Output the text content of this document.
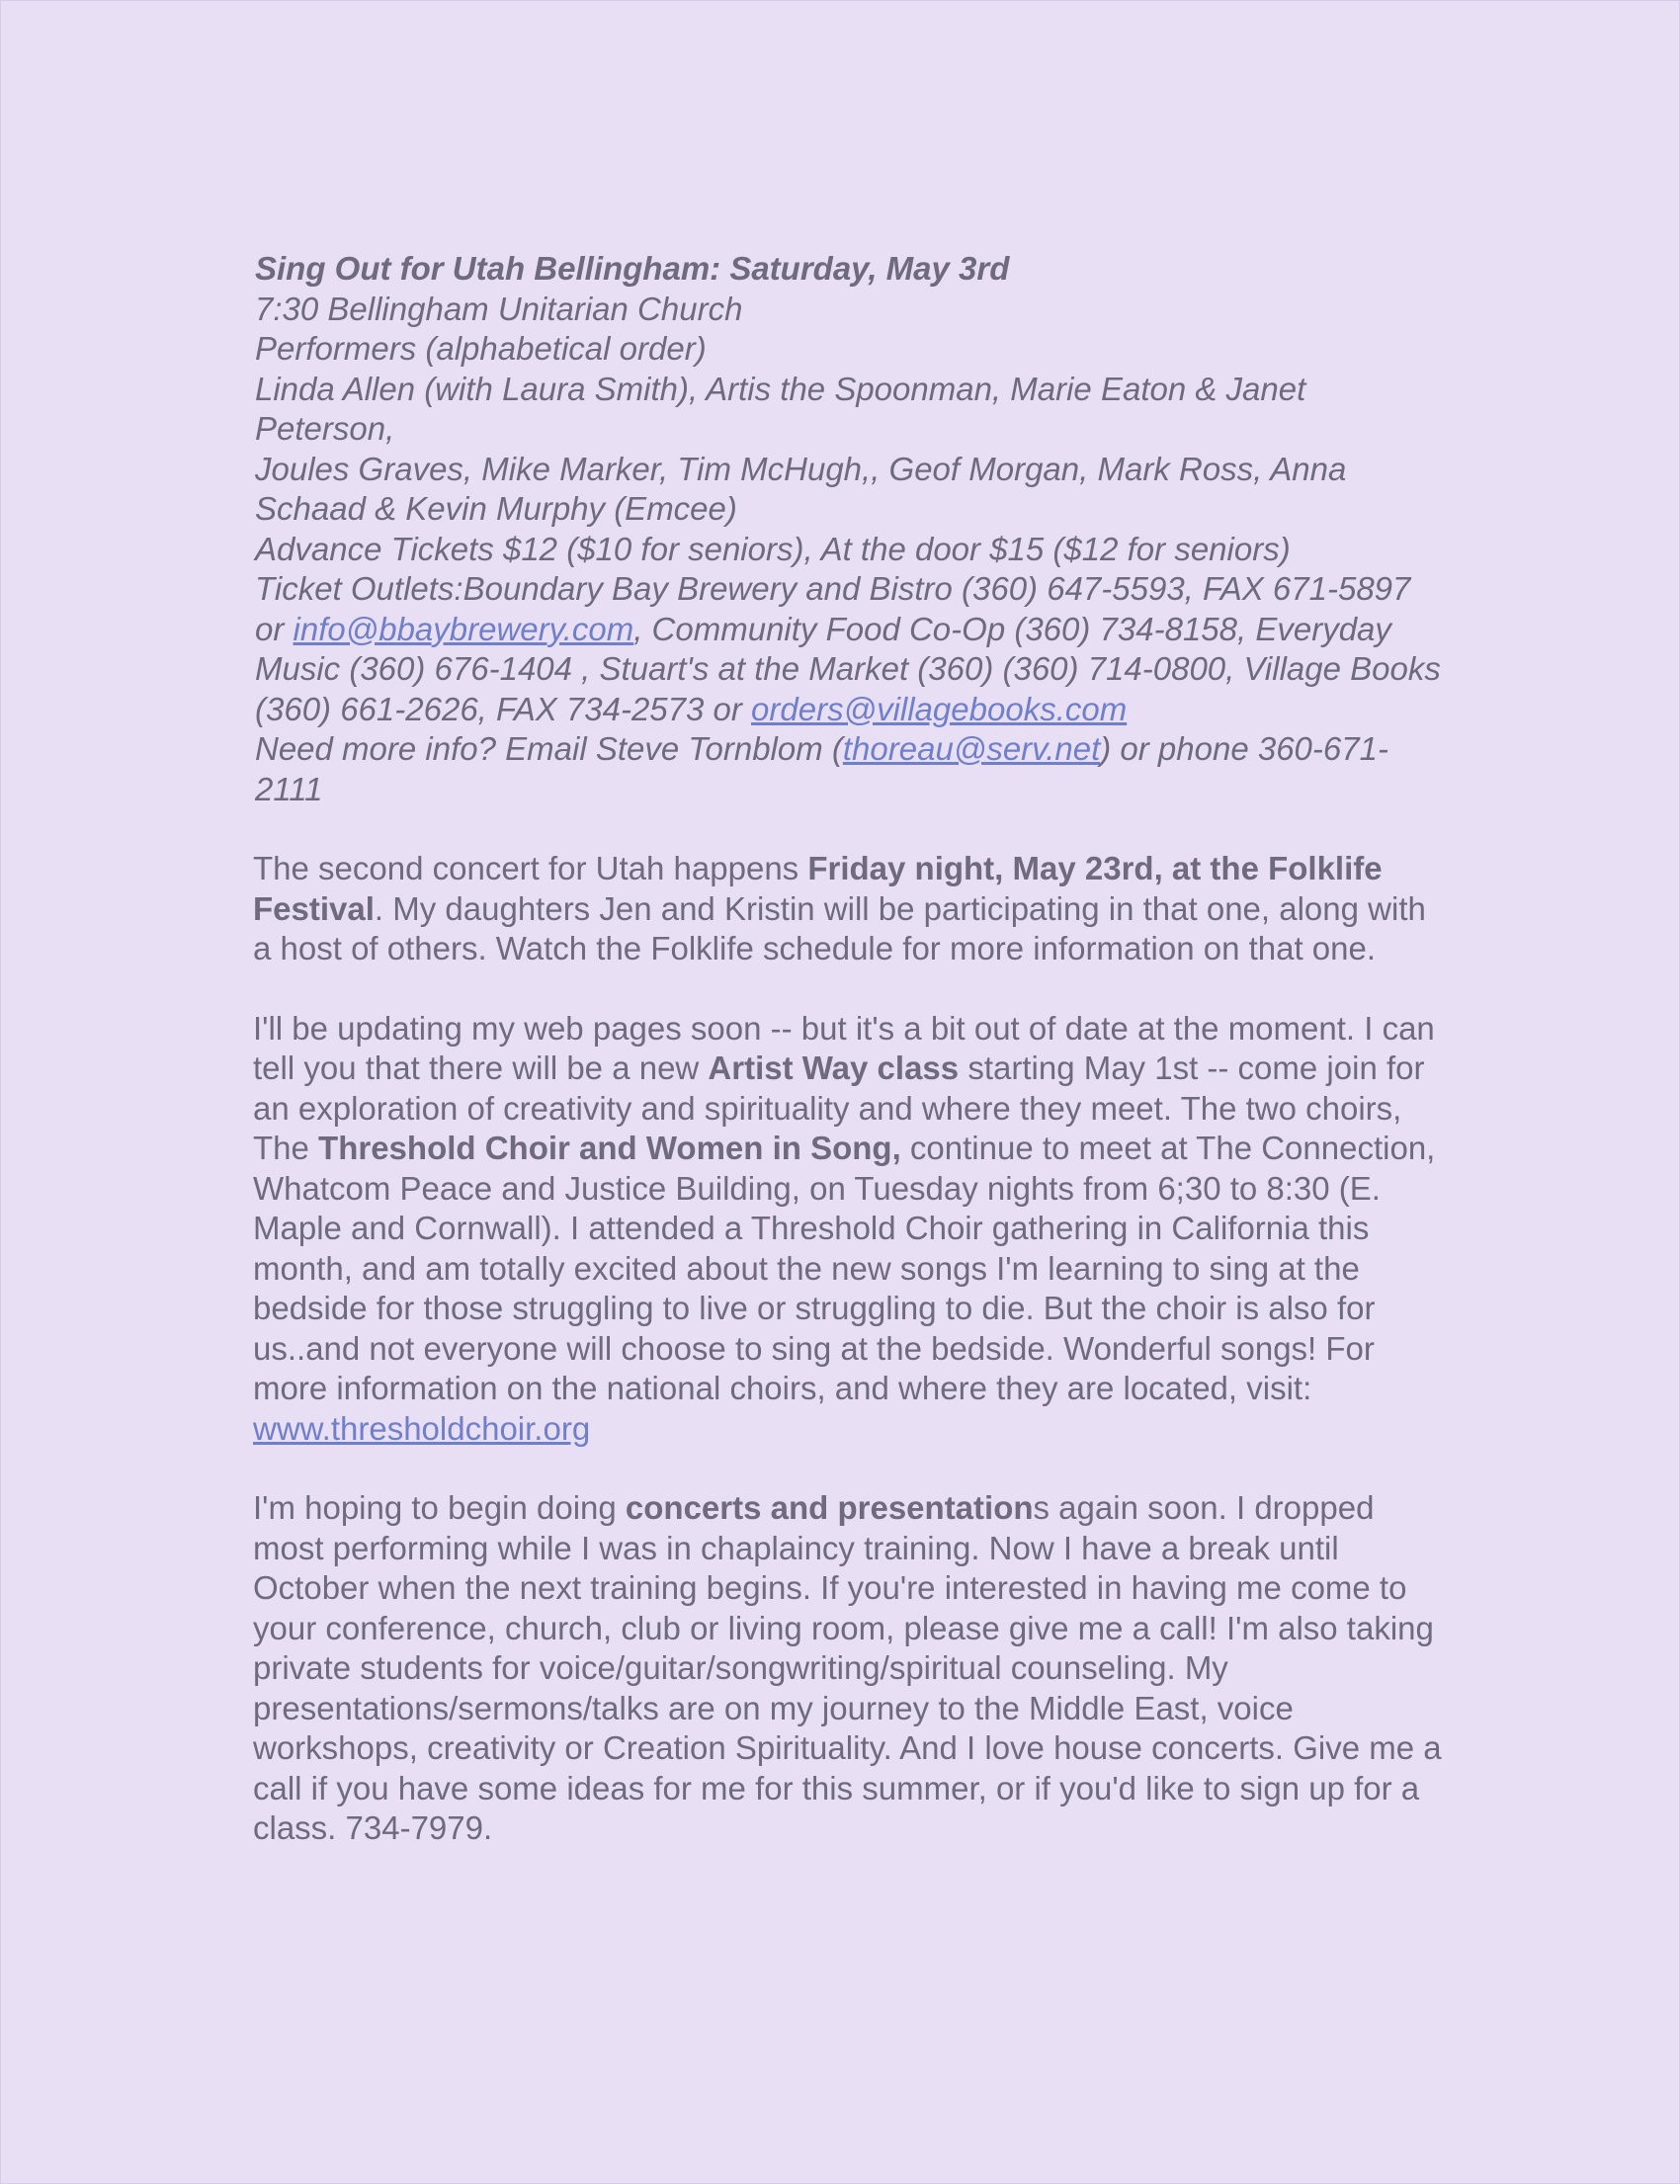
Sing Out for Utah Bellingham: Saturday, May 3rd
7:30 Bellingham Unitarian Church
Performers (alphabetical order)
Linda Allen (with Laura Smith), Artis the Spoonman, Marie Eaton & Janet Peterson,
Joules Graves, Mike Marker, Tim McHugh,, Geof Morgan, Mark Ross, Anna Schaad & Kevin Murphy (Emcee)
Advance Tickets $12 ($10 for seniors), At the door $15 ($12 for seniors)
Ticket Outlets:Boundary Bay Brewery and Bistro (360) 647-5593, FAX 671-5897 or info@bbaybrewery.com, Community Food Co-Op (360) 734-8158, Everyday Music (360) 676-1404 , Stuart's at the Market (360) (360) 714-0800, Village Books (360) 661-2626, FAX 734-2573 or orders@villagebooks.com
Need more info? Email Steve Tornblom (thoreau@serv.net) or phone 360-671-2111

The second concert for Utah happens Friday night, May 23rd, at the Folklife Festival. My daughters Jen and Kristin will be participating in that one, along with a host of others. Watch the Folklife schedule for more information on that one.

I'll be updating my web pages soon -- but it's a bit out of date at the moment. I can tell you that there will be a new Artist Way class starting May 1st -- come join for an exploration of creativity and spirituality and where they meet. The two choirs, The Threshold Choir and Women in Song, continue to meet at The Connection, Whatcom Peace and Justice Building, on Tuesday nights from 6;30 to 8:30 (E. Maple and Cornwall). I attended a Threshold Choir gathering in California this month, and am totally excited about the new songs I'm learning to sing at the bedside for those struggling to live or struggling to die. But the choir is also for us..and not everyone will choose to sing at the bedside. Wonderful songs! For more information on the national choirs, and where they are located, visit:
www.thresholdchoir.org

I'm hoping to begin doing concerts and presentations again soon. I dropped most performing while I was in chaplaincy training. Now I have a break until October when the next training begins. If you're interested in having me come to your conference, church, club or living room, please give me a call! I'm also taking private students for voice/guitar/songwriting/spiritual counseling. My presentations/sermons/talks are on my journey to the Middle East, voice workshops, creativity or Creation Spirituality. And I love house concerts. Give me a call if you have some ideas for me for this summer, or if you'd like to sign up for a class. 734-7979.
